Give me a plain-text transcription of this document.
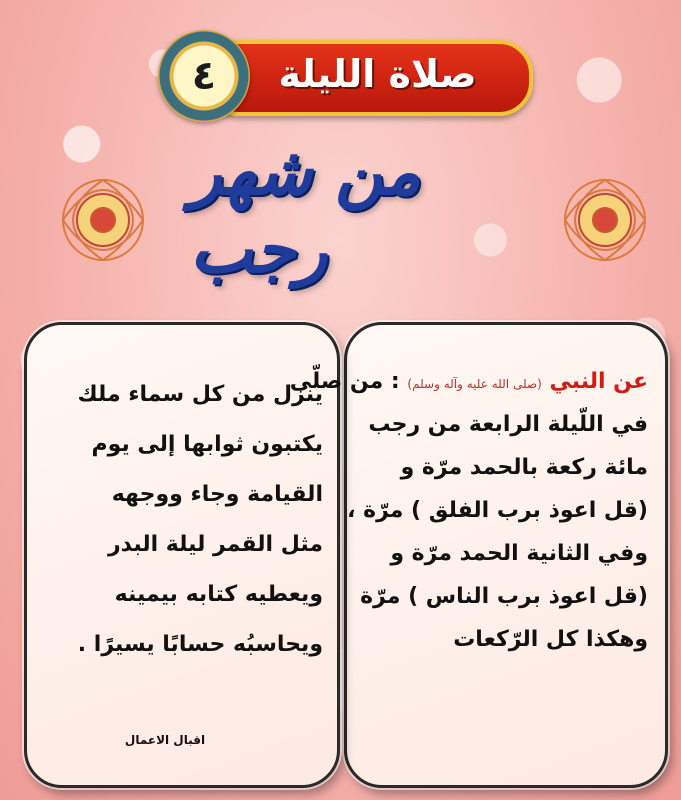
صلاة الليلة
٤
من شهر رجب
عن النبي (صلى الله عليه وآله وسلم) : من صلّى
في اللّيلة الرابعة من رجب
مائة ركعة بالحمد مرّة و
(قل اعوذ برب الفلق ) مرّة ،
وفي الثانية الحمد مرّة و
(قل اعوذ برب الناس ) مرّة
وهكذا كل الرّكعات
ينزل من كل سماء ملك
يكتبون ثوابها إلى يوم
القيامة وجاء ووجهه
مثل القمر ليلة البدر
ويعطيه كتابه بيمينه
ويحاسبُه حسابًا يسيرًا .
اقبال الاعمال
